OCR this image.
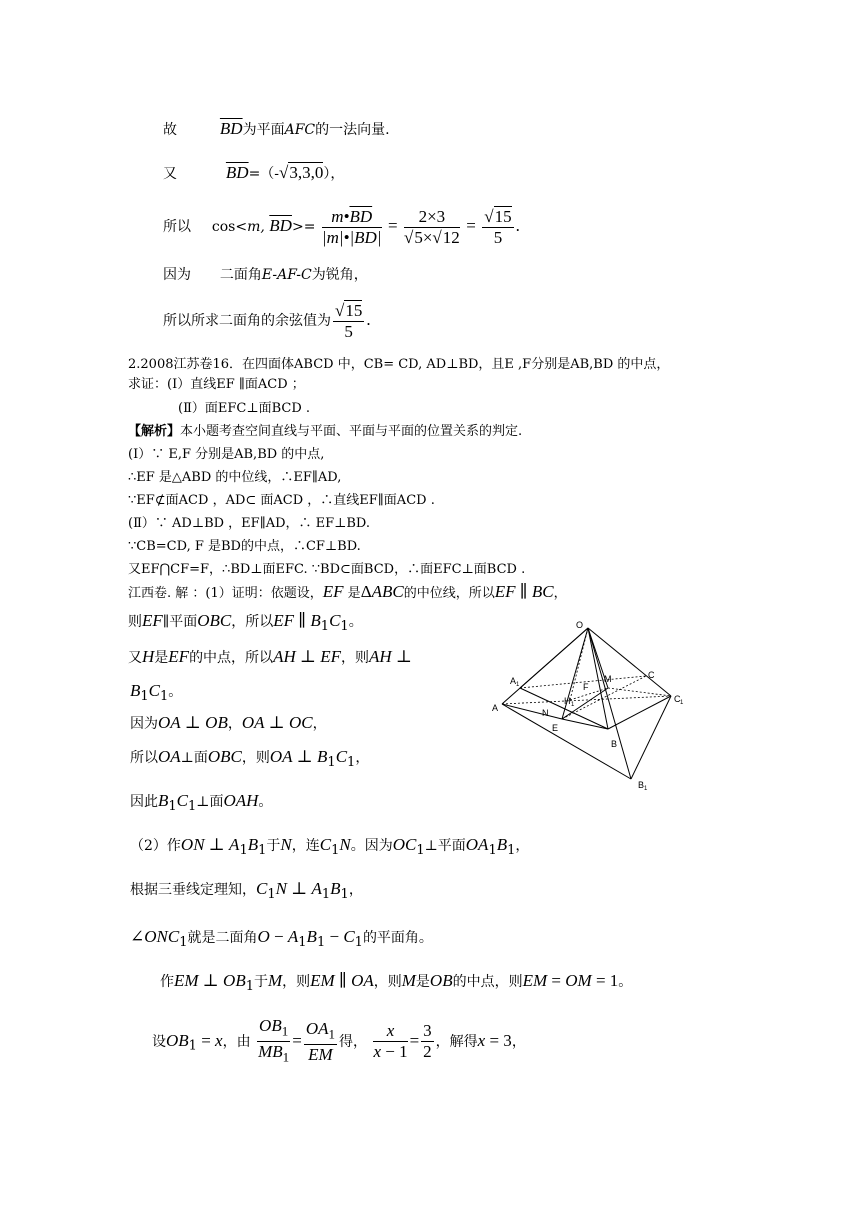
故	$\overline{BD}$为平面AFC的一法向量.
又	$\overline{BD}=(-√3,3,0)$，
所以 cos<m, $\overline{BD}>= \frac{m•\overline{BD}}{|m|•|\overline{BD}|} = \frac{2\times 3}{√5\times√12} = \frac{√15}{5}$ .
因为 二面角E-AF-C为锐角，
所以所求二面角的余弦值为 $\frac{√15}{5}$ .
2.2008江苏卷16．在四面体ABCD 中，CB= CD, AD⊥BD，且E ,F分别是AB,BD 的中点，
求证：(Ⅰ）直线EF ∥面ACD ；
(Ⅱ）面EFC⊥面BCD .
【解析】本小题考查空间直线与平面、平面与平面的位置关系的判定.
(Ⅰ）∵ E,F 分别是AB,BD 的中点,
∴EF 是△ABD 的中位线，∴EF∥AD,
∵EF⊄面ACD ，AD⊂ 面ACD ，∴直线EF∥面ACD .
(Ⅱ）∵ AD⊥BD ，EF∥AD，∴ EF⊥BD.
∵CB=CD, F 是BD的中点，∴CF⊥BD.
又EF⋂CF=F，∴BD⊥面EFC. ∵BD⊂面BCD，∴面EFC⊥面BCD .
江西卷. 解 ：(1）证明：依题设，EF 是ΔABC的中位线，所以EF ∥ BC，
则EF∥平面OBC，所以EF ∥ $B_1C_1$。
又H是EF的中点，所以AH ⊥ EF，则AH ⊥
$B_1C_1$。
因为OA ⊥ OB，OA ⊥ OC，
所以OA⊥面OBC，则OA ⊥ $B_1C_1$，
因此$B_1C_1\perp$面OAH。
O
A 1
A	N
E
H 1
F
M	C
C 1
B
B 1
（2）作ON ⊥ $A_1B_1$于N，连$C_1N$。因为$OC_1\perp$平面$OA_1B_1$，
根据三垂线定理知，$C_1N$ ⊥ $A_1B_1$，
$\angle ONC_1$就是二面角$O - A_1B_1 - C_1$的平面角。
作EM ⊥ $OB_1$于M，则EM ∥ OA，则M是OB的中点，则EM = OM = 1。
设$OB_1 = x$，由 $\frac{OB_1}{MB_1} = \frac{OA_1}{EM}$ 得， $\frac{x}{x - 1} = \frac{3}{2}$ ，解得x = 3，
